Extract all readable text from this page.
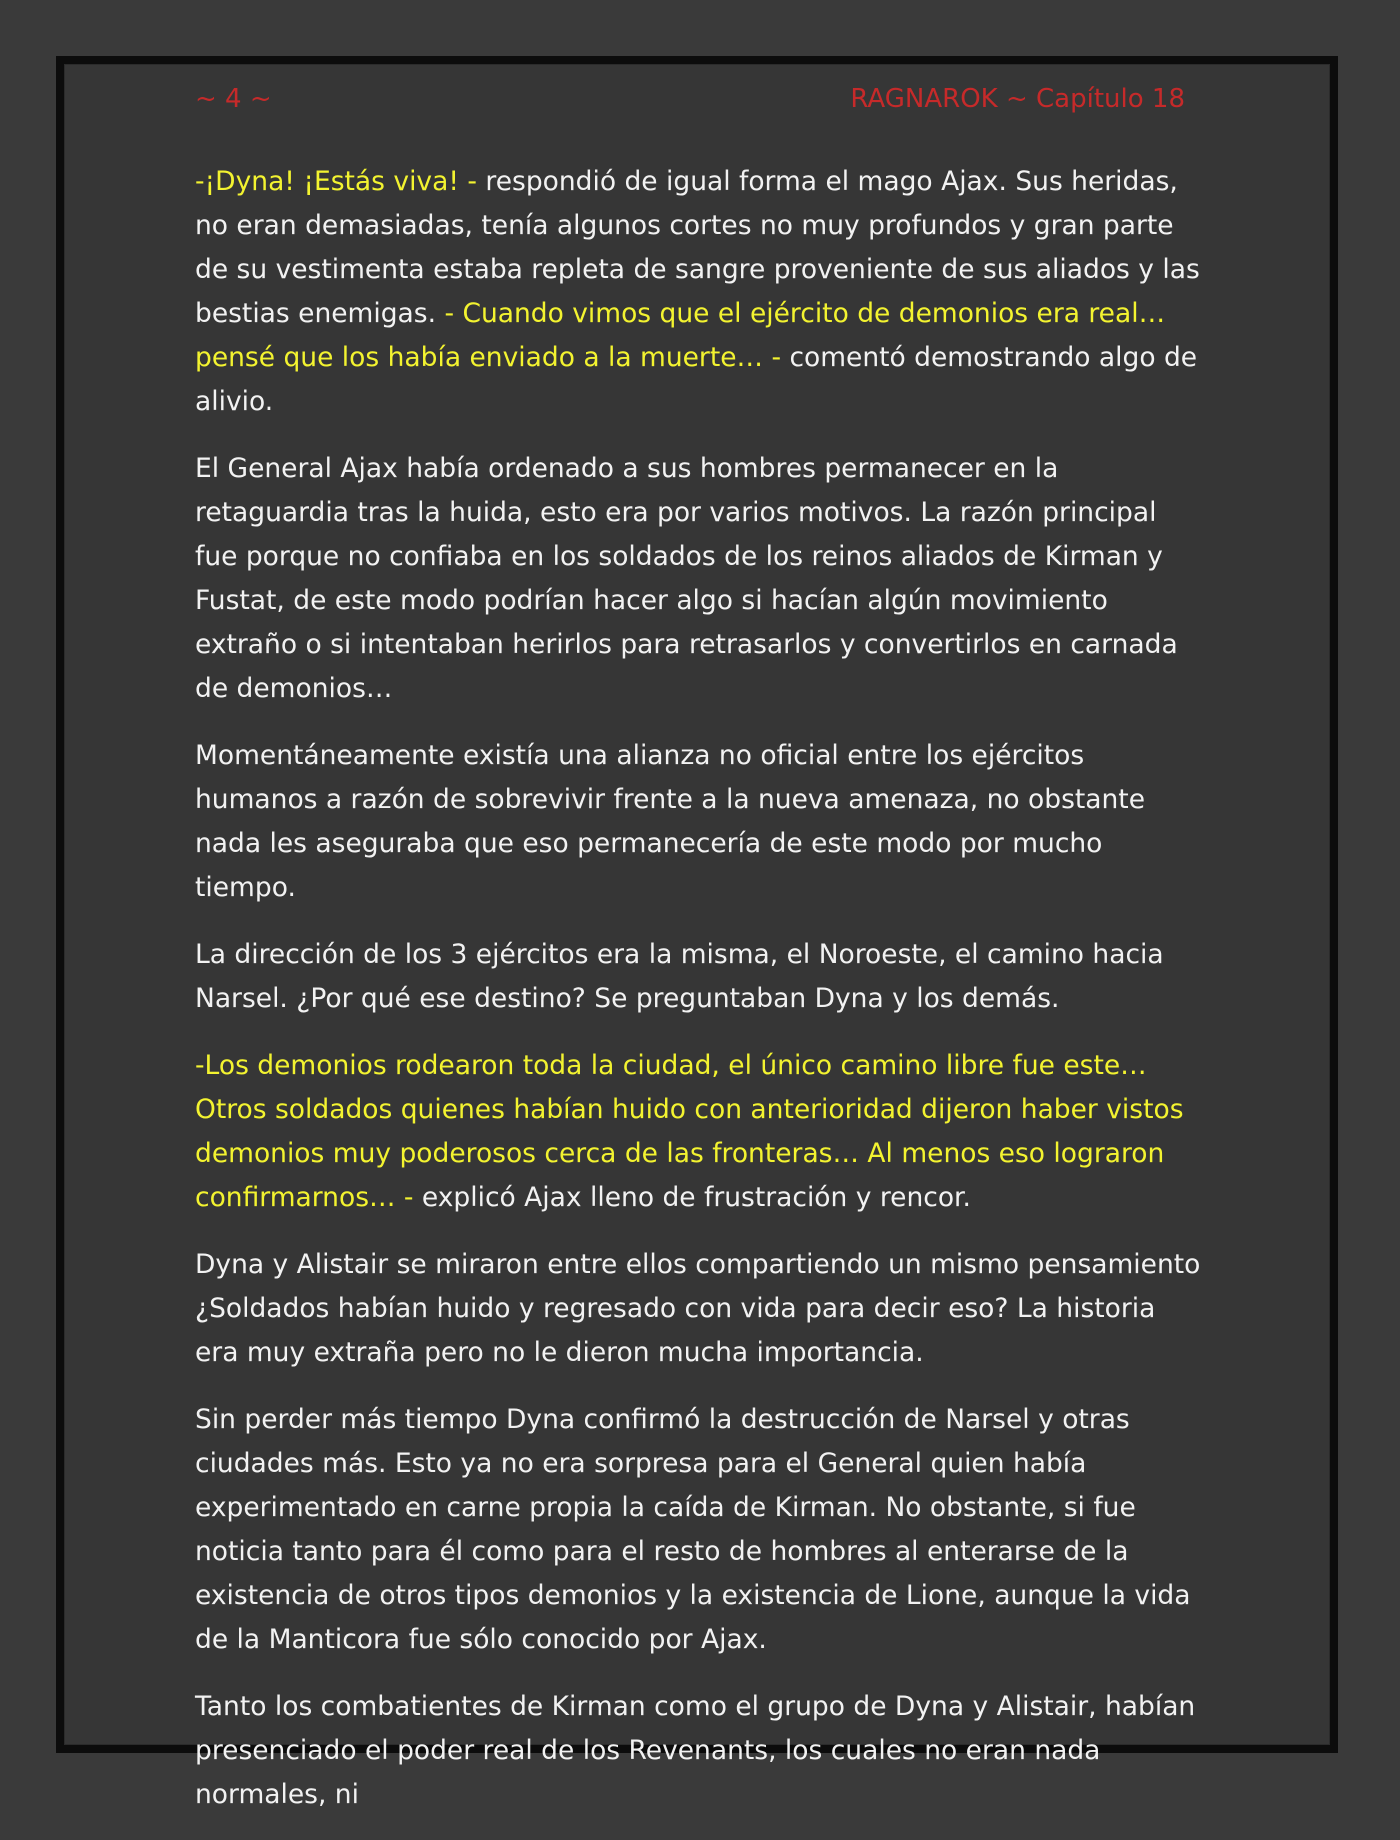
~ 4 ~	RAGNAROK ~ Capítulo 18

-¡Dyna! ¡Estás viva! - respondió de igual forma el mago Ajax. Sus heridas, no eran demasiadas, tenía algunos cortes no muy profundos y gran parte de su vestimenta estaba repleta de sangre proveniente de sus aliados y las bestias enemigas. - Cuando vimos que el ejército de demonios era real… pensé que los había enviado a la muerte… - comentó demostrando algo de alivio.

El General Ajax había ordenado a sus hombres permanecer en la retaguardia tras la huida, esto era por varios motivos. La razón principal fue porque no confiaba en los soldados de los reinos aliados de Kirman y Fustat, de este modo podrían hacer algo si hacían algún movimiento extraño o si intentaban herirlos para retrasarlos y convertirlos en carnada de demonios…

Momentáneamente existía una alianza no oficial entre los ejércitos humanos a razón de sobrevivir frente a la nueva amenaza, no obstante nada les aseguraba que eso permanecería de este modo por mucho tiempo.

La dirección de los 3 ejércitos era la misma, el Noroeste, el camino hacia Narsel. ¿Por qué ese destino? Se preguntaban Dyna y los demás.

-Los demonios rodearon toda la ciudad, el único camino libre fue este… Otros soldados quienes habían huido con anterioridad dijeron haber vistos demonios muy poderosos cerca de las fronteras… Al menos eso lograron confirmarnos… - explicó Ajax lleno de frustración y rencor.

Dyna y Alistair se miraron entre ellos compartiendo un mismo pensamiento ¿Soldados habían huido y regresado con vida para decir eso? La historia era muy extraña pero no le dieron mucha importancia.

Sin perder más tiempo Dyna confirmó la destrucción de Narsel y otras ciudades más. Esto ya no era sorpresa para el General quien había experimentado en carne propia la caída de Kirman. No obstante, si fue noticia tanto para él como para el resto de hombres al enterarse de la existencia de otros tipos demonios y la existencia de Lione, aunque la vida de la Manticora fue sólo conocido por Ajax.

Tanto los combatientes de Kirman como el grupo de Dyna y Alistair, habían presenciado el poder real de los Revenants, los cuales no eran nada normales, ni
